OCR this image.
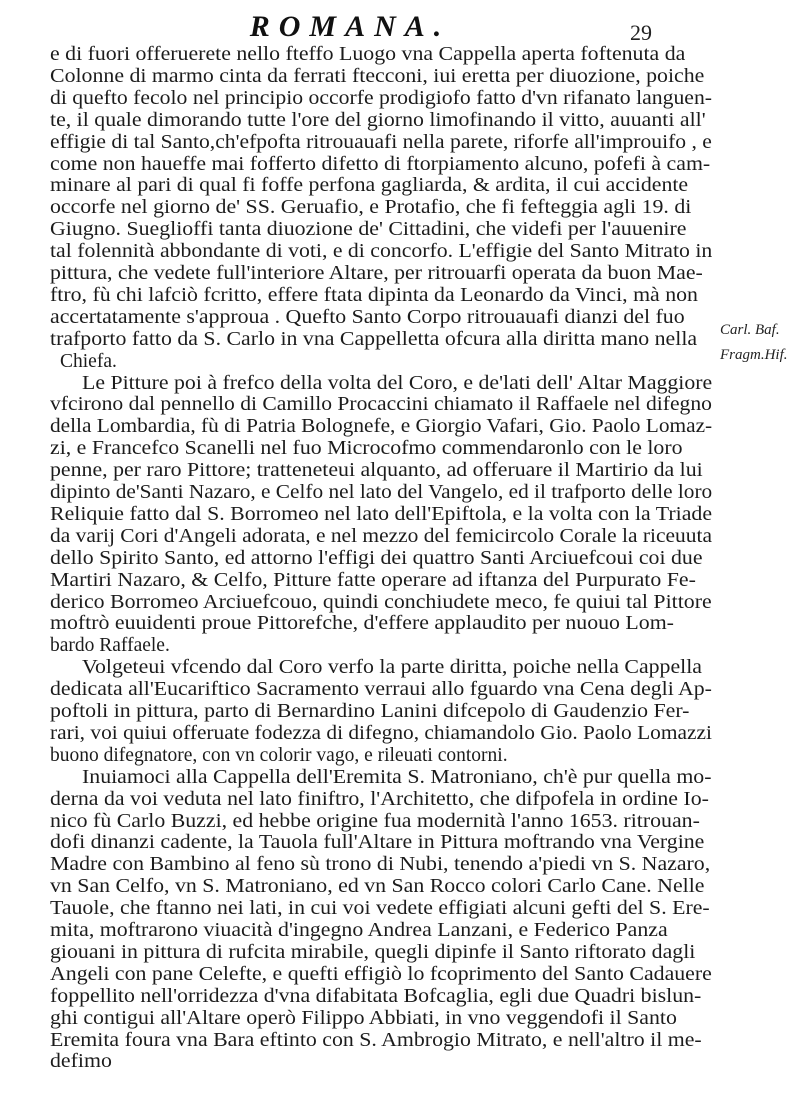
ROMANA.	29
e di fuori offeruerete nello fteffo Luogo vna Cappella aperta foftenuta da
Colonne di marmo cinta da ferrati ftecconi, iui eretta per diuozione, poiche
di quefto fecolo nel principio occorfe prodigiofo fatto d'vn rifanato languen-
te, il quale dimorando tutte l'ore del giorno limofinando il vitto, auuanti all'
effigie di tal Santo,ch'efpofta ritrouauafi nella parete, riforfe all'improuifo , e
come non haueffe mai fofferto difetto di ftorpiamento alcuno, pofefi à cam-
minare al pari di qual fi foffe perfona gagliarda, & ardita, il cui accidente
occorfe nel giorno de' SS. Geruafio, e Protafio, che fi fefteggia agli 19. di
Giugno. Sueglioffi tanta diuozione de' Cittadini, che videfi per l'auuenire
tal folennità abbondante di voti, e di concorfo. L'effigie del Santo Mitrato in
pittura, che vedete full'interiore Altare, per ritrouarfi operata da buon Mae-
ftro, fù chi lafciò fcritto, effere ftata dipinta da Leonardo da Vinci, mà non
accertatamente s'approua . Quefto Santo Corpo ritrouauafi dianzi del fuo
trafporto fatto da S. Carlo in vna Cappelletta ofcura alla diritta mano nella
Chiefa.
Le Pitture poi à frefco della volta del Coro, e de'lati dell' Altar Maggiore
vfcirono dal pennello di Camillo Procaccini chiamato il Raffaele nel difegno
della Lombardia, fù di Patria Bolognefe, e Giorgio Vafari, Gio. Paolo Lomaz-
zi, e Francefco Scanelli nel fuo Microcofmo commendaronlo con le loro
penne, per raro Pittore; tratteneteui alquanto, ad offeruare il Martirio da lui
dipinto de'Santi Nazaro, e Celfo nel lato del Vangelo, ed il trafporto delle loro
Reliquie fatto dal S. Borromeo nel lato dell'Epiftola, e la volta con la Triade
da varij Cori d'Angeli adorata, e nel mezzo del femicircolo Corale la riceuuta
dello Spirito Santo, ed attorno l'effigi dei quattro Santi Arciuefcoui coi due
Martiri Nazaro, & Celfo, Pitture fatte operare ad iftanza del Purpurato Fe-
derico Borromeo Arciuefcouo, quindi conchiudete meco, fe quiui tal Pittore
moftrò euuidenti proue Pittorefche, d'effere applaudito per nuouo Lom-
bardo Raffaele.
Volgeteui vfcendo dal Coro verfo la parte diritta, poiche nella Cappella
dedicata all'Eucariftico Sacramento verraui allo fguardo vna Cena degli Ap-
poftoli in pittura, parto di Bernardino Lanini difcepolo di Gaudenzio Fer-
rari, voi quiui offeruate fodezza di difegno, chiamandolo Gio. Paolo Lomazzi
buono difegnatore, con vn colorir vago, e rileuati contorni.
Inuiamoci alla Cappella dell'Eremita S. Matroniano, ch'è pur quella mo-
derna da voi veduta nel lato finiftro, l'Architetto, che difpofela in ordine Io-
nico fù Carlo Buzzi, ed hebbe origine fua modernità l'anno 1653. ritrouan-
dofi dinanzi cadente, la Tauola full'Altare in Pittura moftrando vna Vergine
Madre con Bambino al feno sù trono di Nubi, tenendo a'piedi vn S. Nazaro,
vn San Celfo, vn S. Matroniano, ed vn San Rocco colori Carlo Cane. Nelle
Tauole, che ftanno nei lati, in cui voi vedete effigiati alcuni gefti del S. Ere-
mita, moftrarono viuacità d'ingegno Andrea Lanzani, e Federico Panza
giouani in pittura di rufcita mirabile, quegli dipinfe il Santo riftorato dagli
Angeli con pane Celefte, e quefti effigiò lo fcoprimento del Santo Cadauere
foppellito nell'orridezza d'vna difabitata Bofcaglia, egli due Quadri bislun-
ghi contigui all'Altare operò Filippo Abbiati, in vno veggendofi il Santo
Eremita foura vna Bara eftinto con S. Ambrogio Mitrato, e nell'altro il me-
defimo
Carl. Baf.
Fragm.Hif.
